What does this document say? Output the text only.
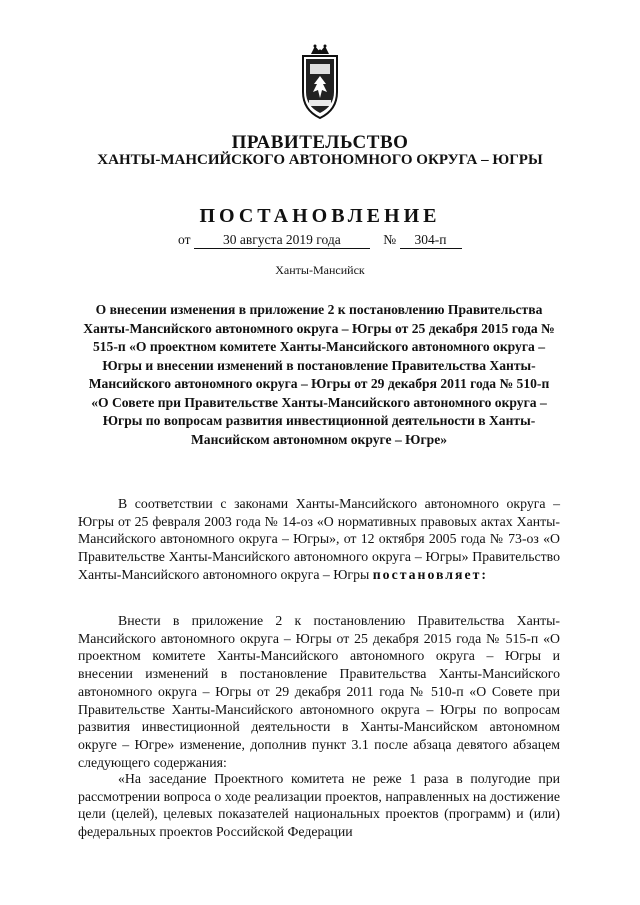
ПРАВИТЕЛЬСТВО
ХАНТЫ-МАНСИЙСКОГО АВТОНОМНОГО ОКРУГА – ЮГРЫ
ПОСТАНОВЛЕНИЕ
от 30 августа 2019 года	№ 304-п
Ханты-Мансийск
О внесении изменения в приложение 2 к постановлению Правительства Ханты-Мансийского автономного округа – Югры от 25 декабря 2015 года № 515-п «О проектном комитете Ханты-Мансийского автономного округа – Югры и внесении изменений в постановление Правительства Ханты-Мансийского автономного округа – Югры от 29 декабря 2011 года № 510-п «О Совете при Правительстве Ханты-Мансийского автономного округа – Югры по вопросам развития инвестиционной деятельности в Ханты-Мансийском автономном округе – Югре»
В соответствии с законами Ханты-Мансийского автономного округа – Югры от 25 февраля 2003 года № 14-оз «О нормативных правовых актах Ханты-Мансийского автономного округа – Югры», от 12 октября 2005 года № 73-оз «О Правительстве Ханты-Мансийского автономного округа – Югры» Правительство Ханты-Мансийского автономного округа – Югры постановляет:
Внести в приложение 2 к постановлению Правительства Ханты-Мансийского автономного округа – Югры от 25 декабря 2015 года № 515-п «О проектном комитете Ханты-Мансийского автономного округа – Югры и внесении изменений в постановление Правительства Ханты-Мансийского автономного округа – Югры от 29 декабря 2011 года № 510-п «О Совете при Правительстве Ханты-Мансийского автономного округа – Югры по вопросам развития инвестиционной деятельности в Ханты-Мансийском автономном округе – Югре» изменение, дополнив пункт 3.1 после абзаца девятого абзацем следующего содержания:
«На заседание Проектного комитета не реже 1 раза в полугодие при рассмотрении вопроса о ходе реализации проектов, направленных на достижение цели (целей), целевых показателей национальных проектов (программ) и (или) федеральных проектов Российской Федерации
